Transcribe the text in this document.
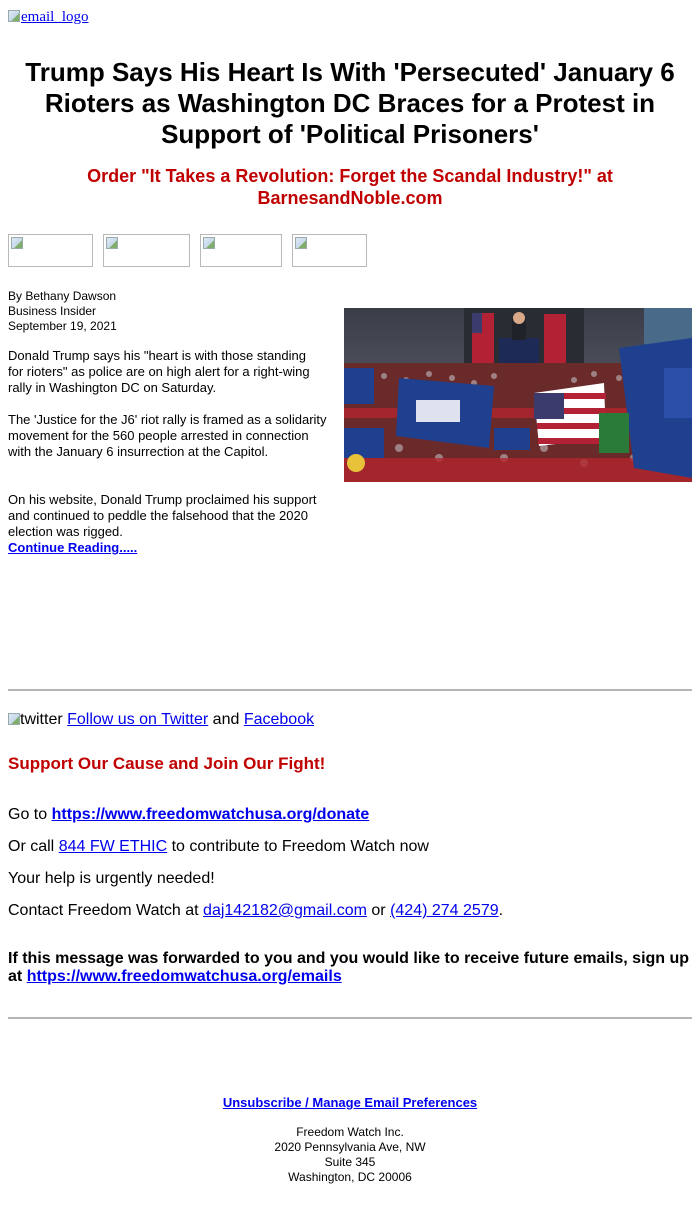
email_logo
Trump Says His Heart Is With 'Persecuted' January 6 Rioters as Washington DC Braces for a Protest in Support of 'Political Prisoners'
Order "It Takes a Revolution: Forget the Scandal Industry!" at
BarnesandNoble.com
By Bethany Dawson
Business Insider
September 19, 2021

Donald Trump says his "heart is with those standing for rioters" as police are on high alert for a right-wing rally in Washington DC on Saturday.

The 'Justice for the J6' riot rally is framed as a solidarity movement for the 560 people arrested in connection with the January 6 insurrection at the Capitol.

On his website, Donald Trump proclaimed his support and continued to peddle the falsehood that the 2020 election was rigged.

Continue Reading.....
twitter Follow us on Twitter and Facebook
Support Our Cause and Join Our Fight!
Go to https://www.freedomwatchusa.org/donate
Or call 844 FW ETHIC to contribute to Freedom Watch now
Your help is urgently needed!
Contact Freedom Watch at daj142182@gmail.com or (424) 274 2579.
If this message was forwarded to you and you would like to receive future emails, sign up at https://www.freedomwatchusa.org/emails
Unsubscribe / Manage Email Preferences
Freedom Watch Inc.
2020 Pennsylvania Ave, NW
Suite 345
Washington, DC 20006
